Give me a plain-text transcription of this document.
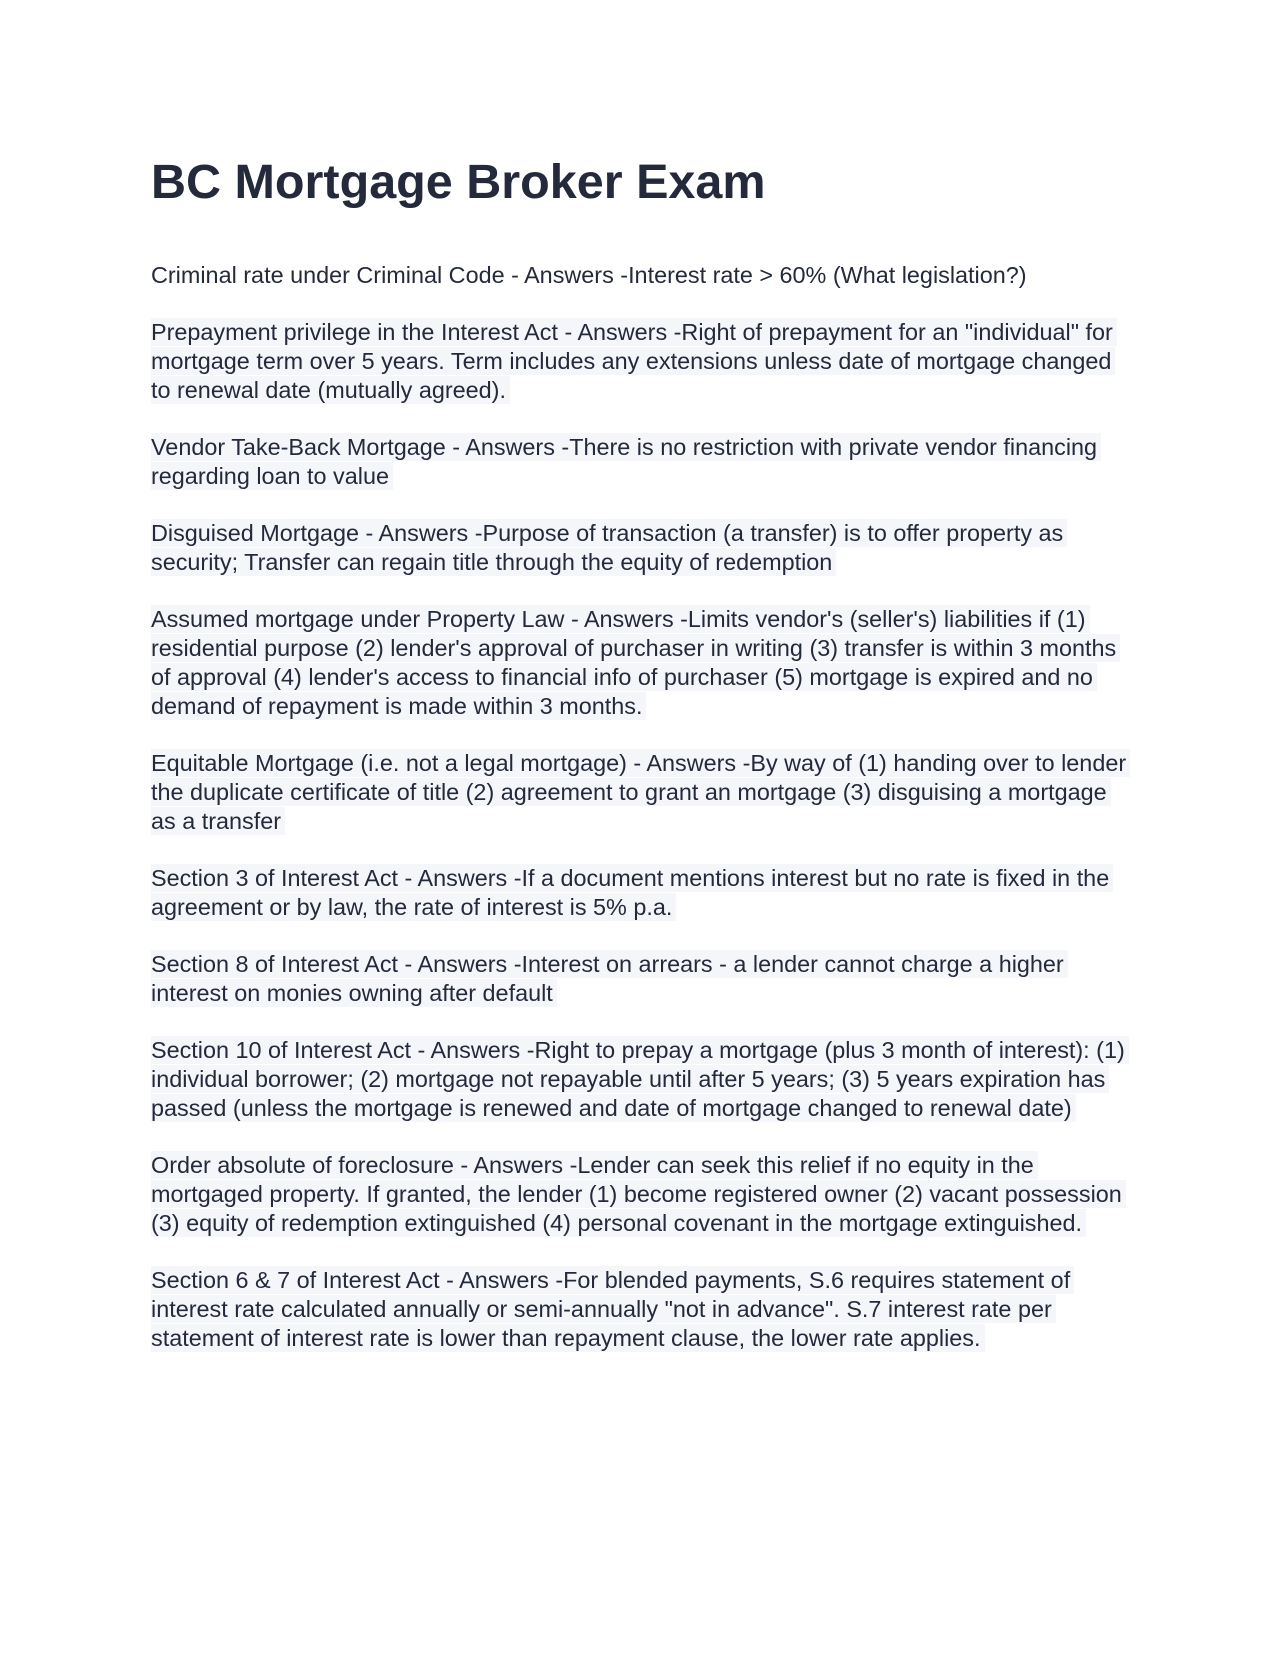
BC Mortgage Broker Exam

Criminal rate under Criminal Code - Answers -Interest rate > 60% (What legislation?)

Prepayment privilege in the Interest Act - Answers -Right of prepayment for an "individual" for mortgage term over 5 years. Term includes any extensions unless date of mortgage changed to renewal date (mutually agreed).

Vendor Take-Back Mortgage - Answers -There is no restriction with private vendor financing regarding loan to value

Disguised Mortgage - Answers -Purpose of transaction (a transfer) is to offer property as security; Transfer can regain title through the equity of redemption

Assumed mortgage under Property Law - Answers -Limits vendor's (seller's) liabilities if (1) residential purpose (2) lender's approval of purchaser in writing (3) transfer is within 3 months of approval (4) lender's access to financial info of purchaser (5) mortgage is expired and no demand of repayment is made within 3 months.

Equitable Mortgage (i.e. not a legal mortgage) - Answers -By way of (1) handing over to lender the duplicate certificate of title (2) agreement to grant an mortgage (3) disguising a mortgage as a transfer

Section 3 of Interest Act - Answers -If a document mentions interest but no rate is fixed in the agreement or by law, the rate of interest is 5% p.a.

Section 8 of Interest Act - Answers -Interest on arrears - a lender cannot charge a higher interest on monies owning after default

Section 10 of Interest Act - Answers -Right to prepay a mortgage (plus 3 month of interest): (1) individual borrower; (2) mortgage not repayable until after 5 years; (3) 5 years expiration has passed (unless the mortgage is renewed and date of mortgage changed to renewal date)

Order absolute of foreclosure - Answers -Lender can seek this relief if no equity in the mortgaged property. If granted, the lender (1) become registered owner (2) vacant possession (3) equity of redemption extinguished (4) personal covenant in the mortgage extinguished.

Section 6 & 7 of Interest Act - Answers -For blended payments, S.6 requires statement of interest rate calculated annually or semi-annually "not in advance". S.7 interest rate per statement of interest rate is lower than repayment clause, the lower rate applies.
